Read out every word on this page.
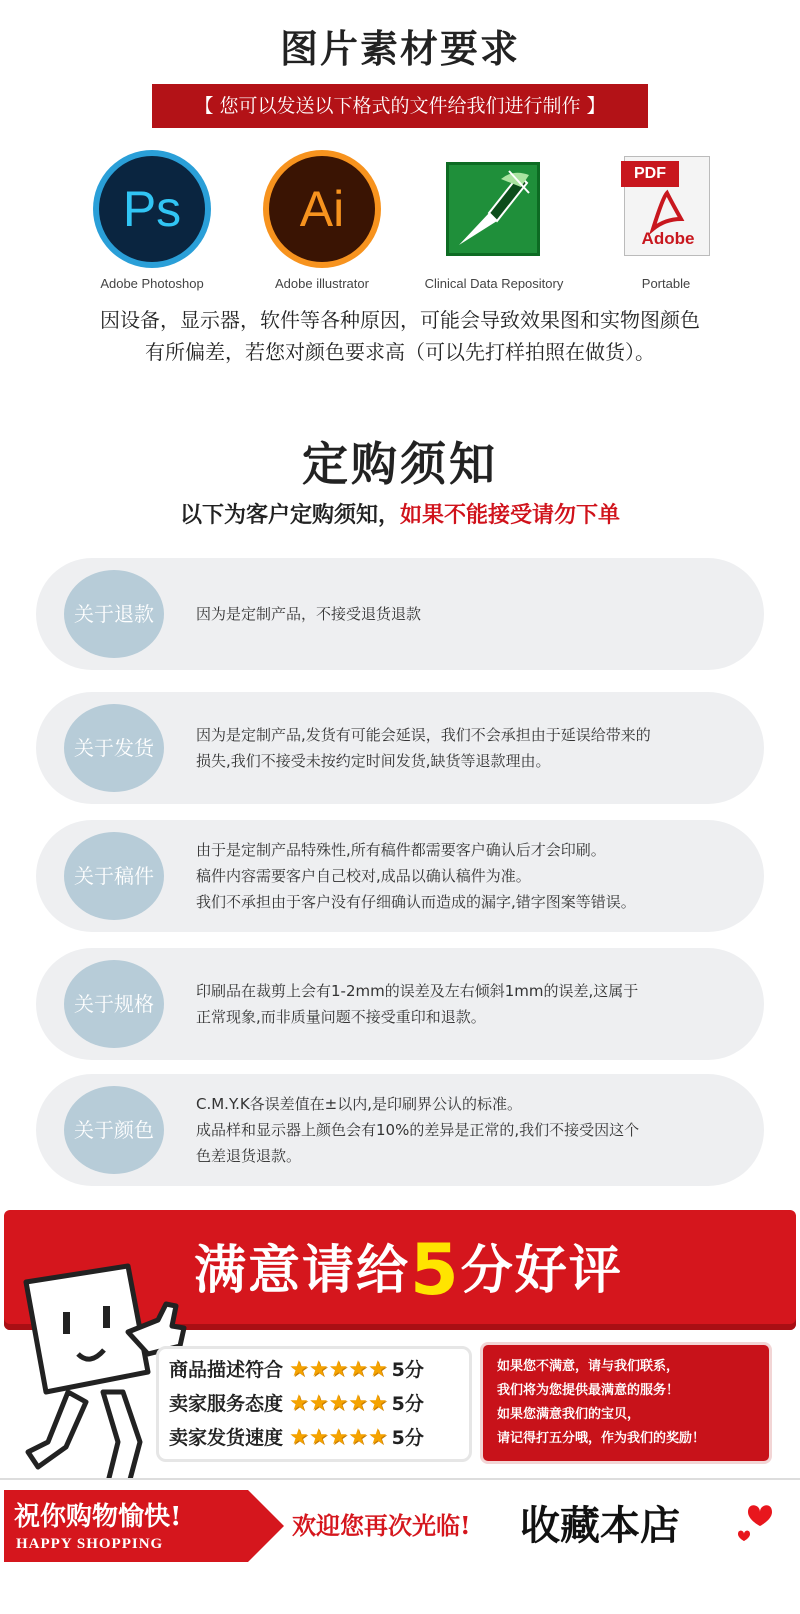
图片素材要求
【 您可以发送以下格式的文件给我们进行制作 】
Ps
Adobe Photoshop
Ai
Adobe illustrator	Clinical Data Repository
PDF
Adobe
Portable
因设备，显示器，软件等各种原因，可能会导致效果图和实物图颜色
有所偏差，若您对颜色要求高（可以先打样拍照在做货）。
定购须知
以下为客户定购须知，如果不能接受请勿下单
关于退款	因为是定制产品，不接受退货退款
关于发货
因为是定制产品,发货有可能会延误，我们不会承担由于延误给带来的
损失,我们不接受未按约定时间发货,缺货等退款理由。
关于稿件
由于是定制产品特殊性,所有稿件都需要客户确认后才会印刷。
稿件内容需要客户自己校对,成品以确认稿件为准。
我们不承担由于客户没有仔细确认而造成的漏字,错字图案等错误。
关于规格
印刷品在裁剪上会有1-2mm的误差及左右倾斜1mm的误差,这属于
正常现象,而非质量问题不接受重印和退款。
关于颜色
C.M.Y.K各误差值在±以内,是印刷界公认的标准。
成品样和显示器上颜色会有10%的差异是正常的,我们不接受因这个
色差退货退款。
满意请给5分好评
商品描述符合 ★★★★★ 5分
卖家服务态度 ★★★★★ 5分
卖家发货速度 ★★★★★ 5分
如果您不满意，请与我们联系，
我们将为您提供最满意的服务！
如果您满意我们的宝贝，
请记得打五分哦，作为我们的奖励！
祝你购物愉快!
HAPPY SHOPPING
欢迎您再次光临! 收藏本店
